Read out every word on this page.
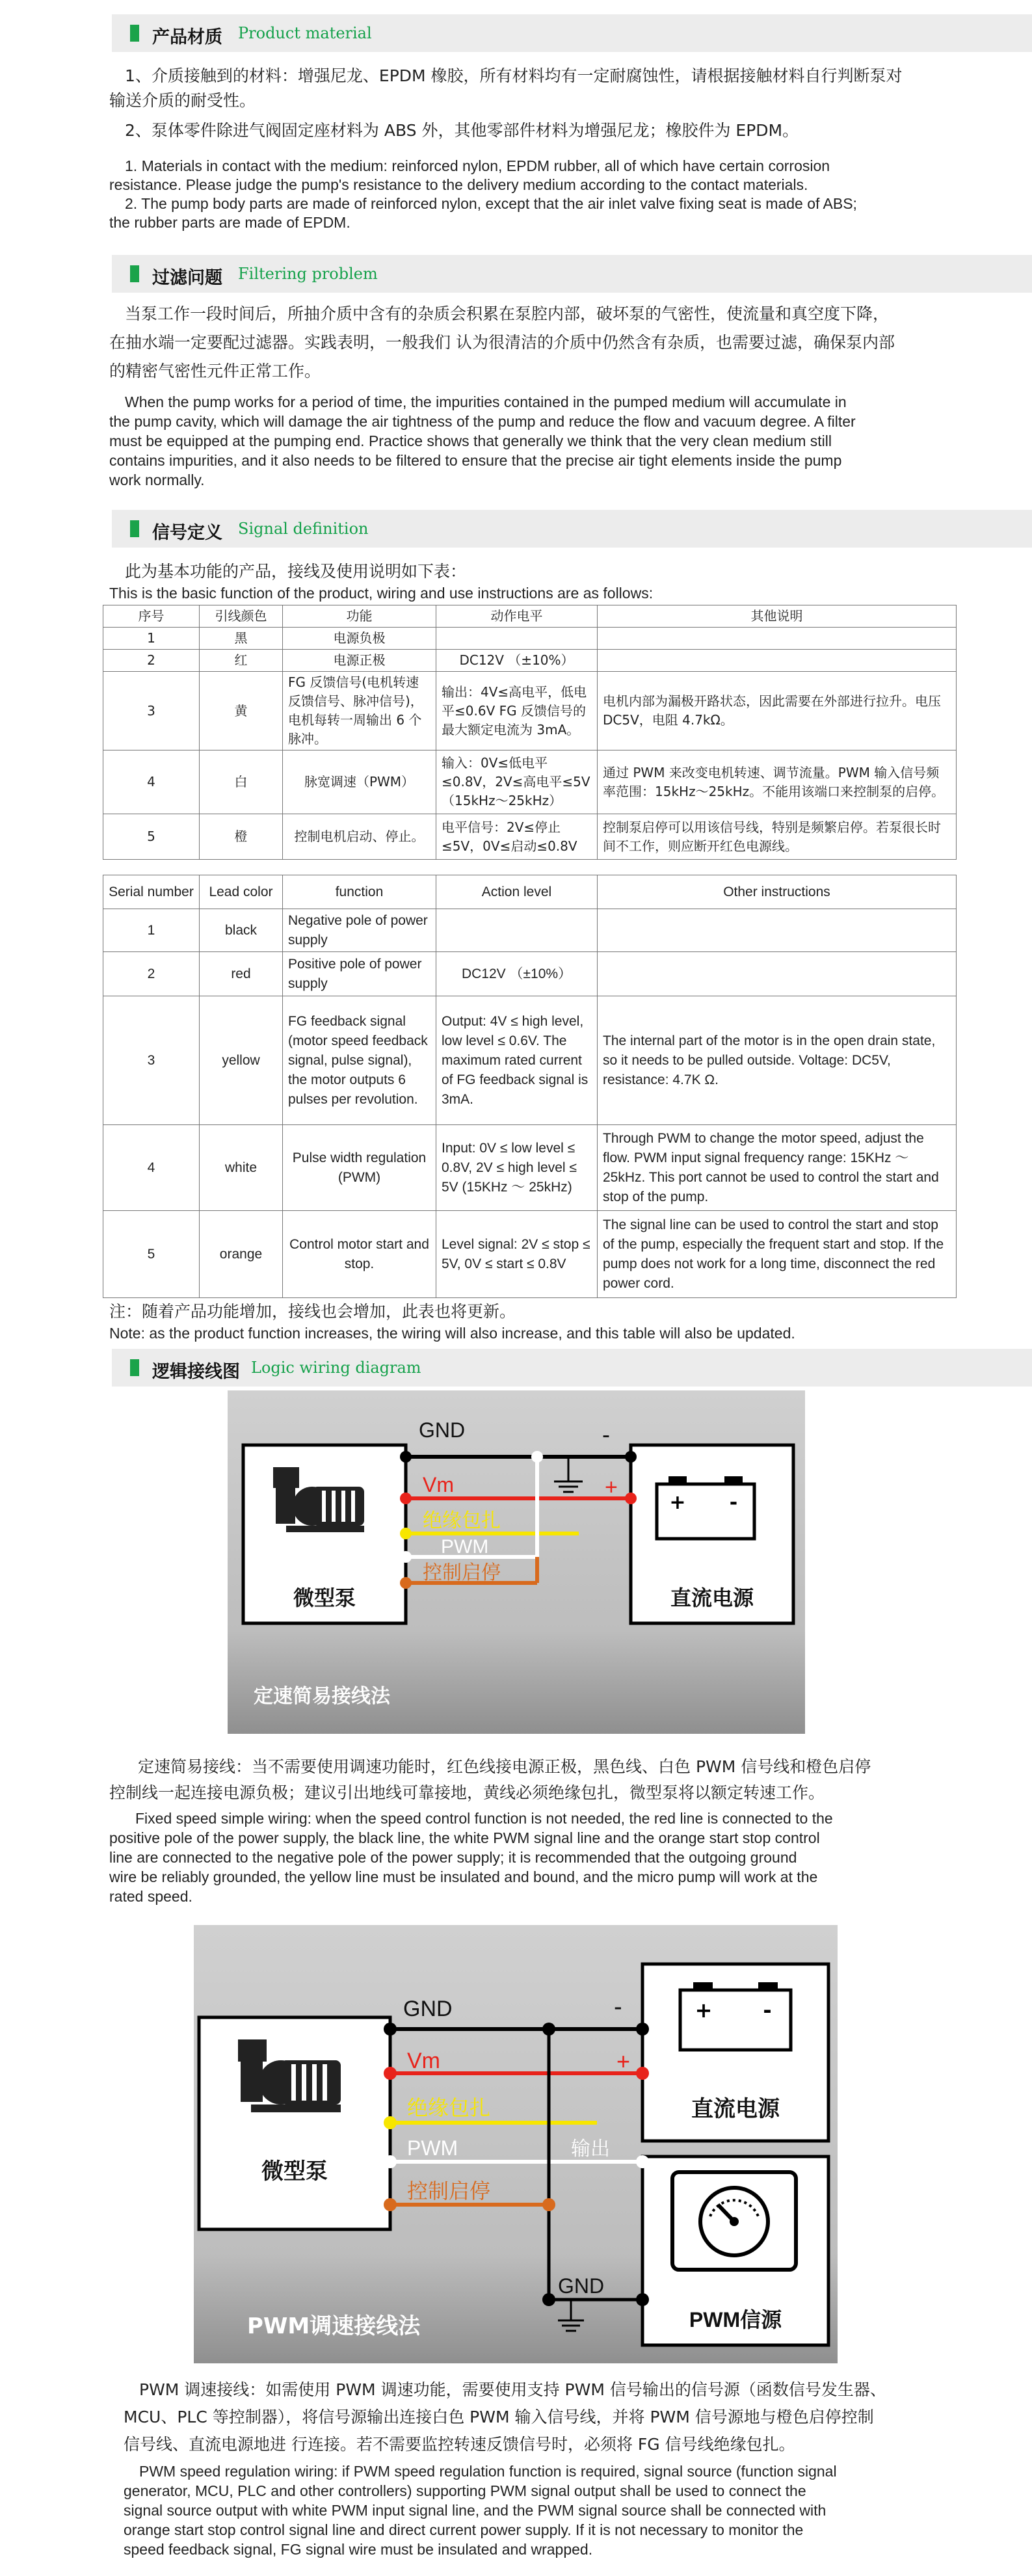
产品材质 Product material
1、介质接触到的材料：增强尼龙、EPDM 橡胶，所有材料均有一定耐腐蚀性，请根据接触材料自行判断泵对
输送介质的耐受性。
2、泵体零件除进气阀固定座材料为 ABS 外，其他零部件材料为增强尼龙；橡胶件为 EPDM。
1. Materials in contact with the medium: reinforced nylon, EPDM rubber, all of which have certain corrosion
resistance. Please judge the pump's resistance to the delivery medium according to the contact materials.
2. The pump body parts are made of reinforced nylon, except that the air inlet valve fixing seat is made of ABS;
the rubber parts are made of EPDM.
过滤问题 Filtering problem
当泵工作一段时间后，所抽介质中含有的杂质会积累在泵腔内部，破坏泵的气密性，使流量和真空度下降，
在抽水端一定要配过滤器。实践表明，一般我们 认为很清洁的介质中仍然含有杂质，也需要过滤，确保泵内部
的精密气密性元件正常工作。
When the pump works for a period of time, the impurities contained in the pumped medium will accumulate in
the pump cavity, which will damage the air tightness of the pump and reduce the flow and vacuum degree. A filter
must be equipped at the pumping end. Practice shows that generally we think that the very clean medium still
contains impurities, and it also needs to be filtered to ensure that the precise air tight elements inside the pump
work normally.
信号定义 Signal definition
此为基本功能的产品，接线及使用说明如下表：
This is the basic function of the product, wiring and use instructions are as follows:
序号	引线颜色	功能	动作电平	其他说明
1	黑	电源负极		
2	红	电源正极	DC12V （±10%）	
3	黄	FG 反馈信号(电机转速反馈信号、脉冲信号)，电机每转一周输出 6 个脉冲。	输出：4V≤高电平，低电平≤0.6V FG 反馈信号的最大额定电流为 3mA。	电机内部为漏极开路状态，因此需要在外部进行拉升。电压 DC5V，电阻 4.7kΩ。
4	白	脉宽调速（PWM）	输入：0V≤低电平≤0.8V，2V≤高电平≤5V（15kHz～25kHz）	通过 PWM 来改变电机转速、调节流量。PWM 输入信号频率范围：15kHz～25kHz。不能用该端口来控制泵的启停。
5	橙	控制电机启动、停止。	电平信号：2V≤停止≤5V，0V≤启动≤0.8V	控制泵启停可以用该信号线，特别是频繁启停。若泵很长时间不工作，则应断开红色电源线。
Serial number	Lead color	function	Action level	Other instructions
1	black	Negative pole of power supply		
2	red	Positive pole of power supply	DC12V （±10%）	
3	yellow	FG feedback signal (motor speed feedback signal, pulse signal), the motor outputs 6 pulses per revolution.	Output: 4V ≤ high level, low level ≤ 0.6V. The maximum rated current of FG feedback signal is 3mA.	The internal part of the motor is in the open drain state, so it needs to be pulled outside. Voltage: DC5V, resistance: 4.7K Ω.
4	white	Pulse width regulation (PWM)	Input: 0V ≤ low level ≤ 0.8V, 2V ≤ high level ≤ 5V (15KHz ～ 25kHz)	Through PWM to change the motor speed, adjust the flow. PWM input signal frequency range: 15KHz ～ 25kHz. This port cannot be used to control the start and stop of the pump.
5	orange	Control motor start and stop.	Level signal: 2V ≤ stop ≤ 5V, 0V ≤ start ≤ 0.8V	The signal line can be used to control the start and stop of the pump, especially the frequent start and stop. If the pump does not work for a long time, disconnect the red power cord.
注：随着产品功能增加，接线也会增加，此表也将更新。
Note: as the product function increases, the wiring will also increase, and this table will also be updated.
逻辑接线图 Logic wiring diagram
微型泵
+ -
直流电源
GND	-
+
Vm
绝缘包扎
PWM
控制启停
定速简易接线法
定速简易接线：当不需要使用调速功能时，红色线接电源正极，黑色线、白色 PWM 信号线和橙色启停
控制线一起连接电源负极；建议引出地线可靠接地，黄线必须绝缘包扎，微型泵将以额定转速工作。
Fixed speed simple wiring: when the speed control function is not needed, the red line is connected to the
positive pole of the power supply, the black line, the white PWM signal line and the orange start stop control
line are connected to the negative pole of the power supply; it is recommended that the outgoing ground
wire be reliably grounded, the yellow line must be insulated and bound, and the micro pump will work at the
rated speed.
微型泵
+ -
直流电源
PWM信源
GND	-
+
Vm
绝缘包扎
PWM	输出
控制启停
GND
PWM调速接线法
PWM 调速接线：如需使用 PWM 调速功能，需要使用支持 PWM 信号输出的信号源（函数信号发生器、
MCU、PLC 等控制器），将信号源输出连接白色 PWM 输入信号线，并将 PWM 信号源地与橙色启停控制
信号线、直流电源地进 行连接。若不需要监控转速反馈信号时，必须将 FG 信号线绝缘包扎。
PWM speed regulation wiring: if PWM speed regulation function is required, signal source (function signal
generator, MCU, PLC and other controllers) supporting PWM signal output shall be used to connect the
signal source output with white PWM input signal line, and the PWM signal source shall be connected with
orange start stop control signal line and direct current power supply. If it is not necessary to monitor the
speed feedback signal, FG signal wire must be insulated and wrapped.
